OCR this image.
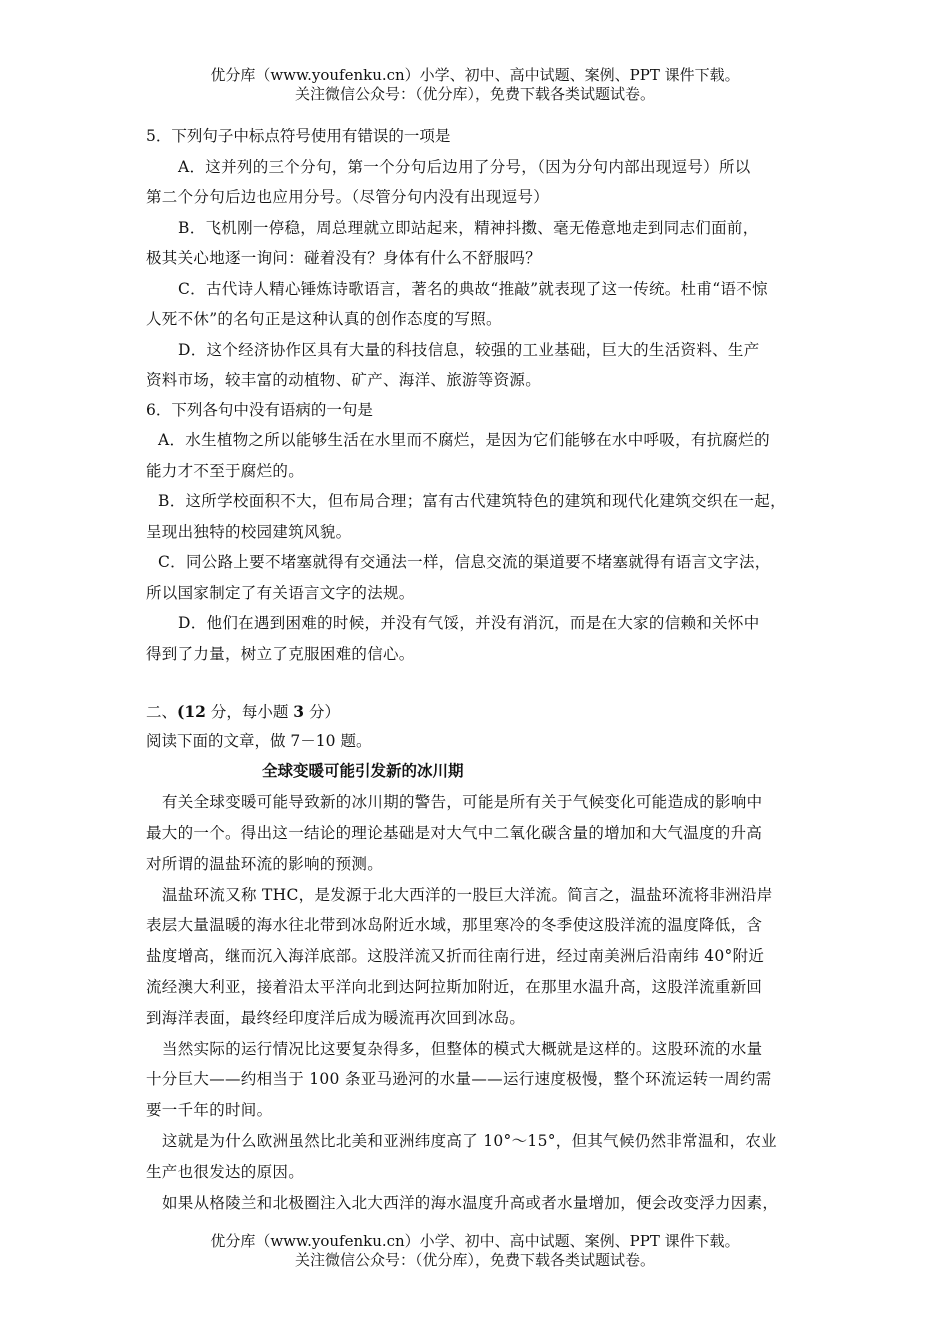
优分库（www.youfenku.cn）小学、初中、高中试题、案例、PPT 课件下载。
关注微信公众号：（优分库），免费下载各类试题试卷。
5．下列句子中标点符号使用有错误的一项是
A．这并列的三个分句，第一个分句后边用了分号，（因为分句内部出现逗号）所以
第二个分句后边也应用分号。（尽管分句内没有出现逗号）
B．飞机刚一停稳，周总理就立即站起来，精神抖擞、毫无倦意地走到同志们面前，
极其关心地逐一询问：碰着没有？身体有什么不舒服吗？
C．古代诗人精心锤炼诗歌语言，著名的典故“推敲”就表现了这一传统。杜甫“语不惊
人死不休”的名句正是这种认真的创作态度的写照。
D．这个经济协作区具有大量的科技信息，较强的工业基础，巨大的生活资料、生产
资料市场，较丰富的动植物、矿产、海洋、旅游等资源。
6．下列各句中没有语病的一句是
A．水生植物之所以能够生活在水里而不腐烂，是因为它们能够在水中呼吸，有抗腐烂的
能力才不至于腐烂的。
B．这所学校面积不大，但布局合理；富有古代建筑特色的建筑和现代化建筑交织在一起，
呈现出独特的校园建筑风貌。
C．同公路上要不堵塞就得有交通法一样，信息交流的渠道要不堵塞就得有语言文字法，
所以国家制定了有关语言文字的法规。
D．他们在遇到困难的时候，并没有气馁，并没有消沉，而是在大家的信赖和关怀中
得到了力量，树立了克服困难的信心。
二、(12 分，每小题 3 分）
阅读下面的文章，做 7－10 题。
全球变暖可能引发新的冰川期
有关全球变暖可能导致新的冰川期的警告，可能是所有关于气候变化可能造成的影响中
最大的一个。得出这一结论的理论基础是对大气中二氧化碳含量的增加和大气温度的升高
对所谓的温盐环流的影响的预测。
温盐环流又称 THC，是发源于北大西洋的一股巨大洋流。简言之，温盐环流将非洲沿岸
表层大量温暖的海水往北带到冰岛附近水域，那里寒冷的冬季使这股洋流的温度降低，含
盐度增高，继而沉入海洋底部。这股洋流又折而往南行进，经过南美洲后沿南纬 40°附近
流经澳大利亚，接着沿太平洋向北到达阿拉斯加附近，在那里水温升高，这股洋流重新回
到海洋表面，最终经印度洋后成为暖流再次回到冰岛。
当然实际的运行情况比这要复杂得多，但整体的模式大概就是这样的。这股环流的水量
十分巨大——约相当于 100 条亚马逊河的水量——运行速度极慢，整个环流运转一周约需
要一千年的时间。
这就是为什么欧洲虽然比北美和亚洲纬度高了 10°～15°，但其气候仍然非常温和，农业
生产也很发达的原因。
如果从格陵兰和北极圈注入北大西洋的海水温度升高或者水量增加，便会改变浮力因素，
优分库（www.youfenku.cn）小学、初中、高中试题、案例、PPT 课件下载。
关注微信公众号：（优分库），免费下载各类试题试卷。
